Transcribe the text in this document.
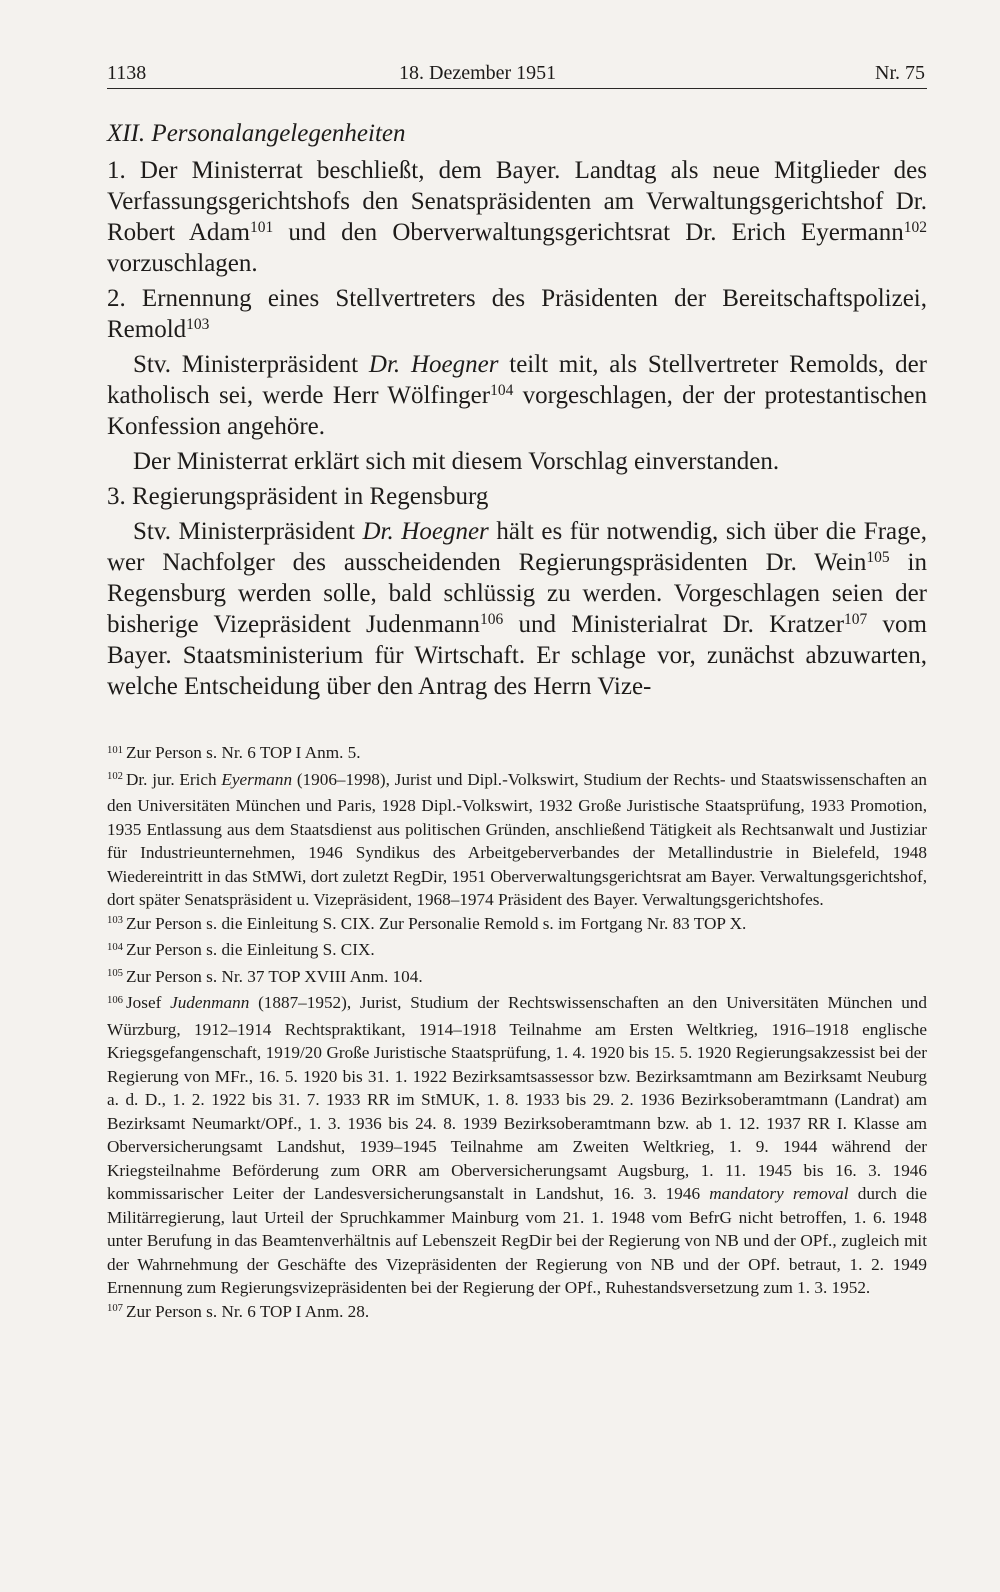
1138	18. Dezember 1951	Nr. 75

XII. Personalangelegenheiten

1. Der Ministerrat beschließt, dem Bayer. Landtag als neue Mitglieder des Verfassungsgerichtshofs den Senatspräsidenten am Verwaltungsgerichtshof Dr. Robert Adam$^{101}$ und den Oberverwaltungsgerichtsrat Dr. Erich Eyermann$^{102}$ vorzuschlagen.

2. Ernennung eines Stellvertreters des Präsidenten der Bereitschaftspolizei, Remold$^{103}$

Stv. Ministerpräsident Dr. Hoegner teilt mit, als Stellvertreter Remolds, der katholisch sei, werde Herr Wölfinger$^{104}$ vorgeschlagen, der der protestantischen Konfession angehöre.

Der Ministerrat erklärt sich mit diesem Vorschlag einverstanden.

3. Regierungspräsident in Regensburg

Stv. Ministerpräsident Dr. Hoegner hält es für notwendig, sich über die Frage, wer Nachfolger des ausscheidenden Regierungspräsidenten Dr. Wein$^{105}$ in Regensburg werden solle, bald schlüssig zu werden. Vorgeschlagen seien der bisherige Vizepräsident Judenmann$^{106}$ und Ministerialrat Dr. Kratzer$^{107}$ vom Bayer. Staatsministerium für Wirtschaft. Er schlage vor, zunächst abzuwarten, welche Entscheidung über den Antrag des Herrn Vize-

$^{101}$ Zur Person s. Nr. 6 TOP I Anm. 5.

$^{102}$ Dr. jur. Erich Eyermann (1906–1998), Jurist und Dipl.-Volkswirt, Studium der Rechts- und Staatswissenschaften an den Universitäten München und Paris, 1928 Dipl.-Volkswirt, 1932 Große Juristische Staatsprüfung, 1933 Promotion, 1935 Entlassung aus dem Staatsdienst aus politischen Gründen, anschließend Tätigkeit als Rechtsanwalt und Justiziar für Industrieunternehmen, 1946 Syndikus des Arbeitgeberverbandes der Metallindustrie in Bielefeld, 1948 Wiedereintritt in das StMWi, dort zuletzt RegDir, 1951 Oberverwaltungsgerichtsrat am Bayer. Verwaltungsgerichtshof, dort später Senatspräsident u. Vizepräsident, 1968–1974 Präsident des Bayer. Verwaltungsgerichtshofes.

$^{103}$ Zur Person s. die Einleitung S. CIX. Zur Personalie Remold s. im Fortgang Nr. 83 TOP X.

$^{104}$ Zur Person s. die Einleitung S. CIX.

$^{105}$ Zur Person s. Nr. 37 TOP XVIII Anm. 104.

$^{106}$ Josef Judenmann (1887–1952), Jurist, Studium der Rechtswissenschaften an den Universitäten München und Würzburg, 1912–1914 Rechtspraktikant, 1914–1918 Teilnahme am Ersten Weltkrieg, 1916–1918 englische Kriegsgefangenschaft, 1919/20 Große Juristische Staatsprüfung, 1. 4. 1920 bis 15. 5. 1920 Regierungsakzessist bei der Regierung von MFr., 16. 5. 1920 bis 31. 1. 1922 Bezirksamtsassessor bzw. Bezirksamtmann am Bezirksamt Neuburg a. d. D., 1. 2. 1922 bis 31. 7. 1933 RR im StMUK, 1. 8. 1933 bis 29. 2. 1936 Bezirksoberamtmann (Landrat) am Bezirksamt Neumarkt/OPf., 1. 3. 1936 bis 24. 8. 1939 Bezirksoberamtmann bzw. ab 1. 12. 1937 RR I. Klasse am Oberversicherungsamt Landshut, 1939–1945 Teilnahme am Zweiten Weltkrieg, 1. 9. 1944 während der Kriegsteilnahme Beförderung zum ORR am Oberversicherungsamt Augsburg, 1. 11. 1945 bis 16. 3. 1946 kommissarischer Leiter der Landesversicherungsanstalt in Landshut, 16. 3. 1946 mandatory removal durch die Militärregierung, laut Urteil der Spruchkammer Mainburg vom 21. 1. 1948 vom BefrG nicht betroffen, 1. 6. 1948 unter Berufung in das Beamtenverhältnis auf Lebenszeit RegDir bei der Regierung von NB und der OPf., zugleich mit der Wahrnehmung der Geschäfte des Vizepräsidenten der Regierung von NB und der OPf. betraut, 1. 2. 1949 Ernennung zum Regierungsvizepräsidenten bei der Regierung der OPf., Ruhestandsversetzung zum 1. 3. 1952.

$^{107}$ Zur Person s. Nr. 6 TOP I Anm. 28.
